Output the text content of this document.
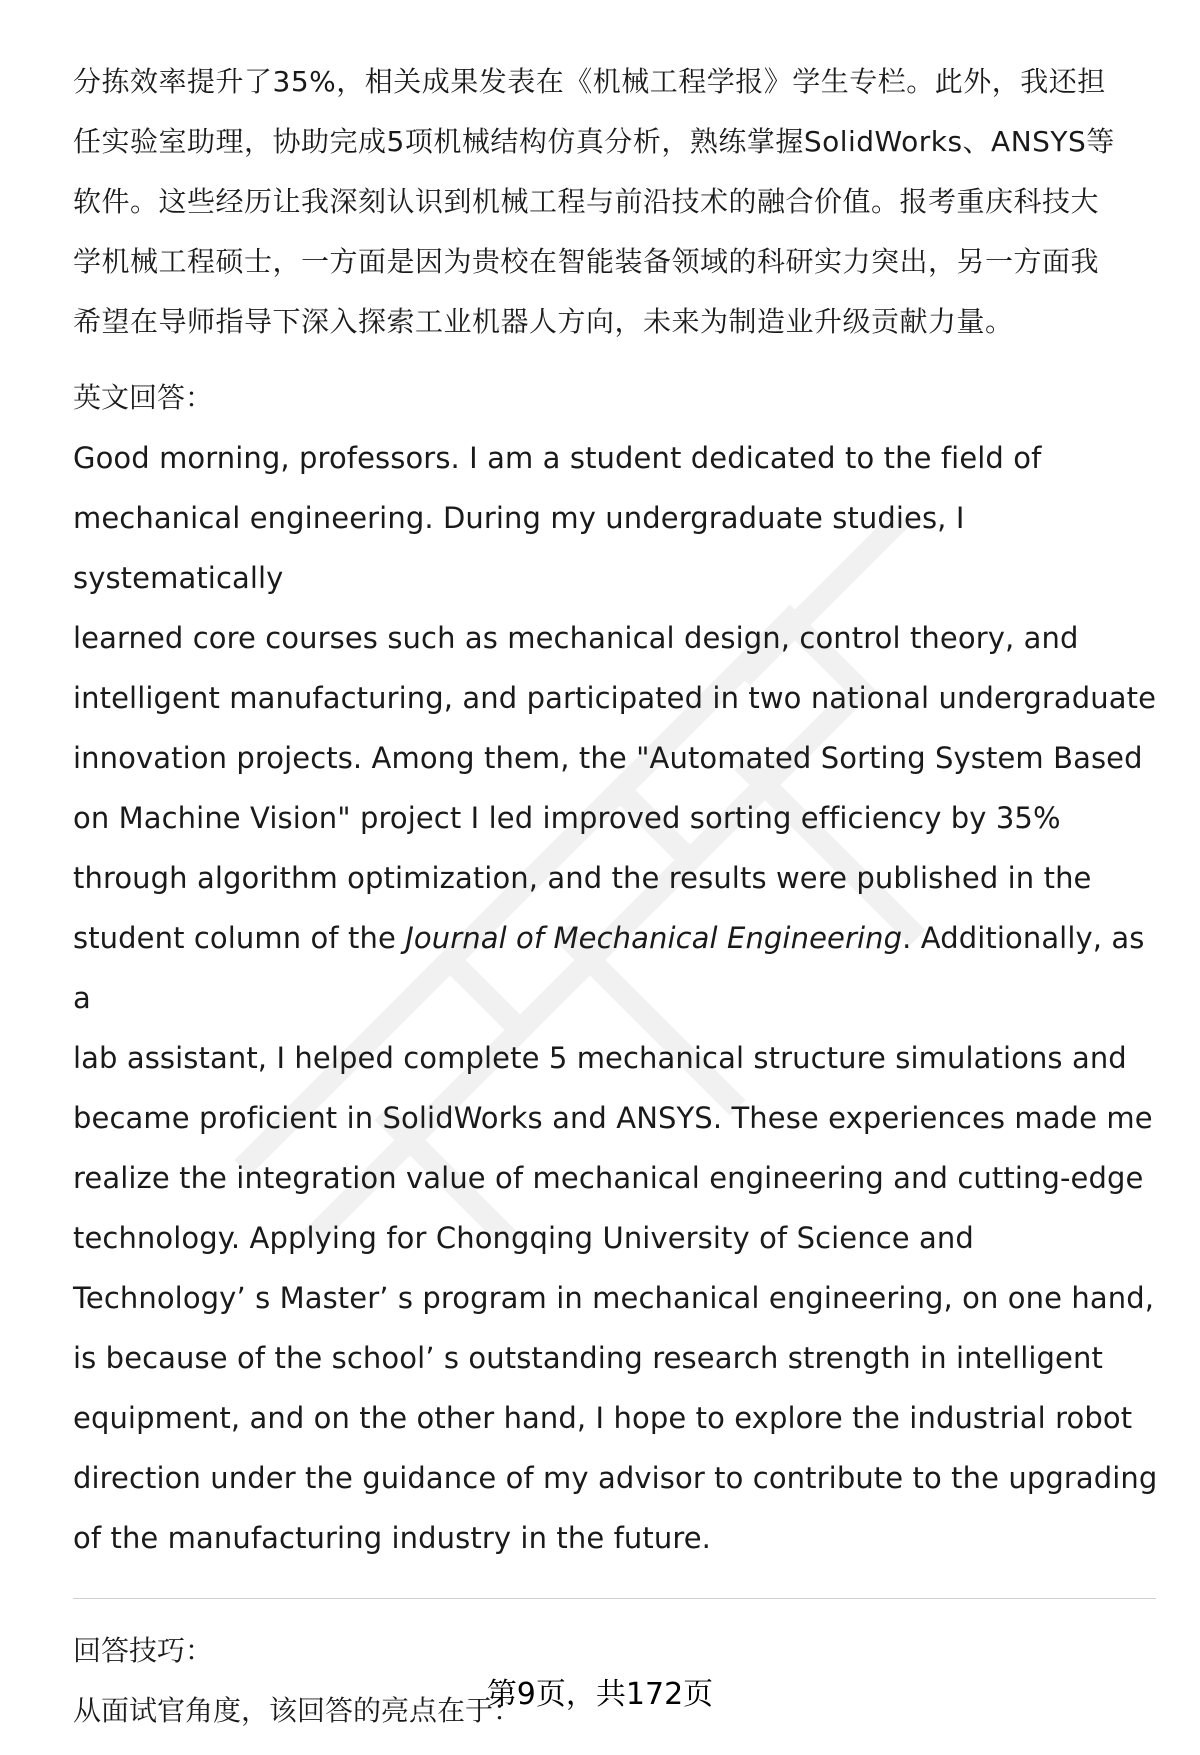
分拣效率提升了35%，相关成果发表在《机械工程学报》学生专栏。此外，我还担

任实验室助理，协助完成5项机械结构仿真分析，熟练掌握SolidWorks、ANSYS等

软件。这些经历让我深刻认识到机械工程与前沿技术的融合价值。报考重庆科技大

学机械工程硕士，一方面是因为贵校在智能装备领域的科研实力突出，另一方面我

希望在导师指导下深入探索工业机器人方向，未来为制造业升级贡献力量。

英文回答：

Good morning, professors. I am a student dedicated to the field of

mechanical engineering. During my undergraduate studies, I systematically

learned core courses such as mechanical design, control theory, and

intelligent manufacturing, and participated in two national undergraduate

innovation projects. Among them, the "Automated Sorting System Based

on Machine Vision" project I led improved sorting efficiency by 35%

through algorithm optimization, and the results were published in the

student column of the Journal of Mechanical Engineering. Additionally, as a

lab assistant, I helped complete 5 mechanical structure simulations and

became proficient in SolidWorks and ANSYS. These experiences made me

realize the integration value of mechanical engineering and cutting-edge

technology. Applying for Chongqing University of Science and

Technology’ s Master’ s program in mechanical engineering, on one hand,

is because of the school’ s outstanding research strength in intelligent

equipment, and on the other hand, I hope to explore the industrial robot

direction under the guidance of my advisor to contribute to the upgrading

of the manufacturing industry in the future.

回答技巧：

从面试官角度，该回答的亮点在于：

第9页，共172页
